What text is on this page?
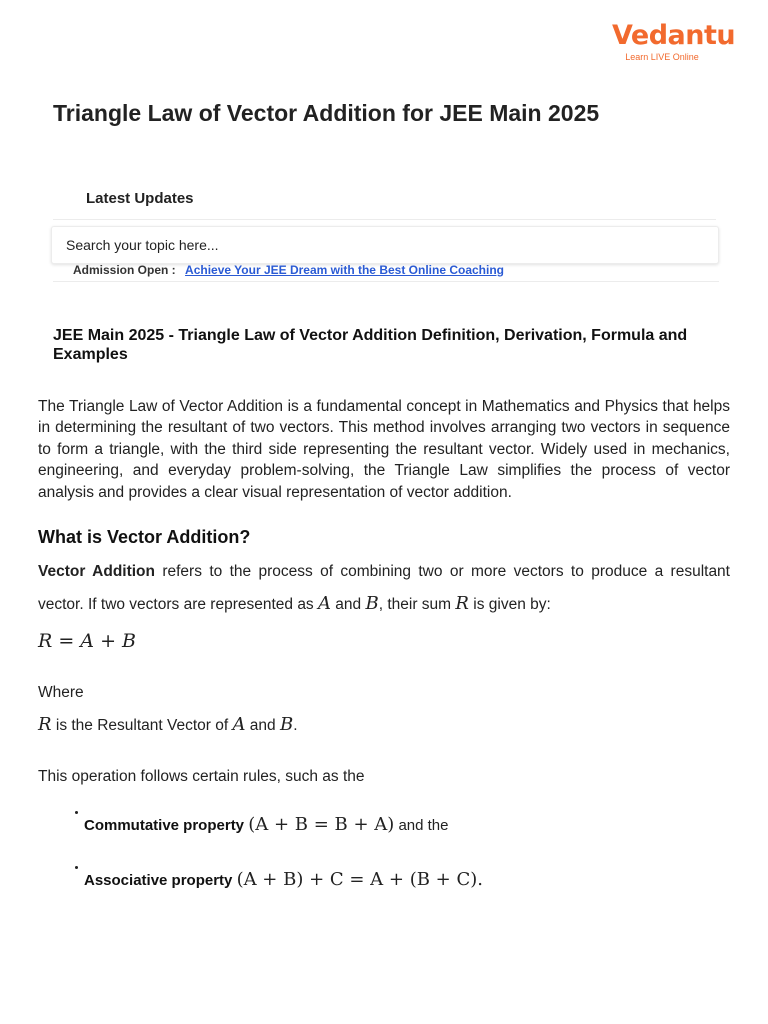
Vedantu
Learn LIVE Online
Triangle Law of Vector Addition for JEE Main 2025
Latest Updates
Search your topic here...
Admission Open : Achieve Your JEE Dream with the Best Online Coaching
JEE Main 2025 - Triangle Law of Vector Addition Definition, Derivation, Formula and Examples

The Triangle Law of Vector Addition is a fundamental concept in Mathematics and Physics that helps in determining the resultant of two vectors. This method involves arranging two vectors in sequence to form a triangle, with the third side representing the resultant vector. Widely used in mechanics, engineering, and everyday problem-solving, the Triangle Law simplifies the process of vector analysis and provides a clear visual representation of vector addition.

What is Vector Addition?

Vector Addition refers to the process of combining two or more vectors to produce a resultant vector. If two vectors are represented as A and B, their sum R is given by:

R = A + B
Where
R is the Resultant Vector of A and B.
This operation follows certain rules, such as the
Commutative property (A + B = B + A) and the
Associative property (A + B) + C = A + (B + C).
